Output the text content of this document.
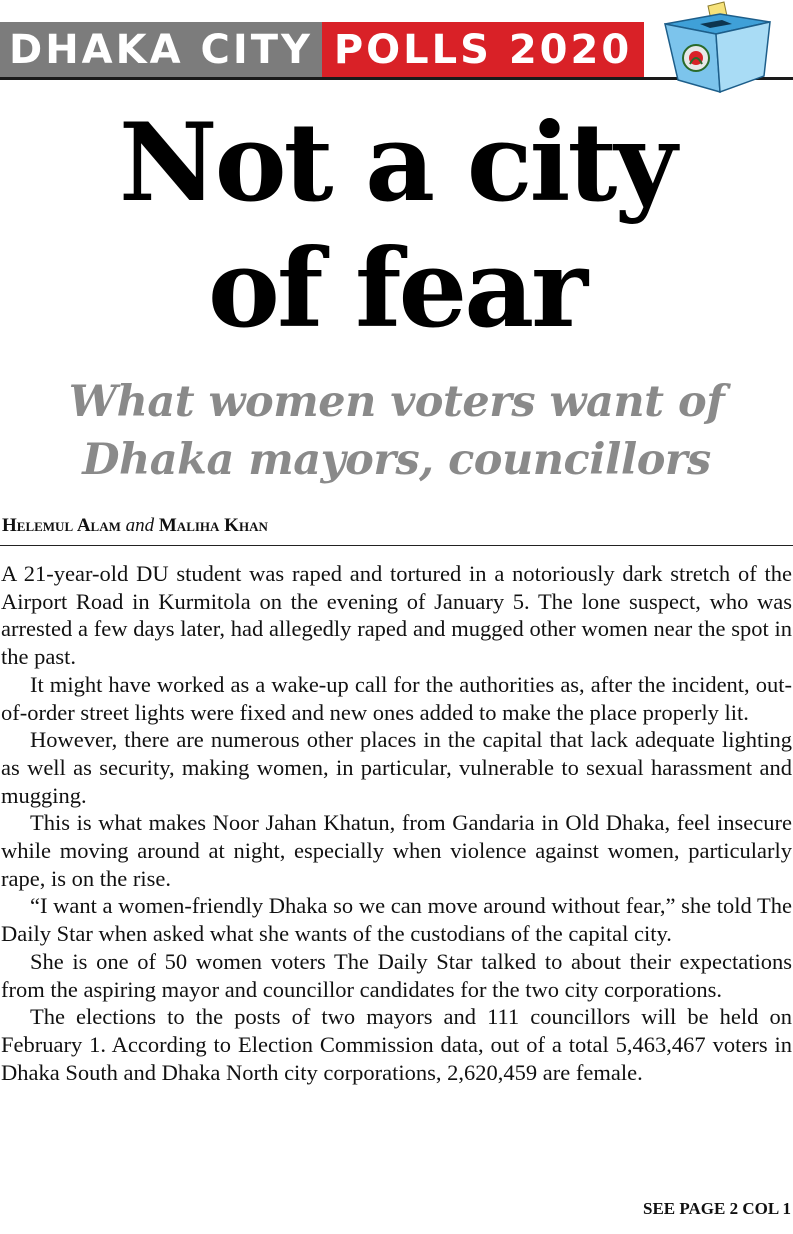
DHAKA CITY POLLS 2020
Not a city
of fear
What women voters want of
Dhaka mayors, councillors
Helemul Alam and Maliha Khan

A 21-year-old DU student was raped and tortured in a notoriously dark stretch of the Airport Road in Kurmitola on the evening of January 5. The lone suspect, who was arrested a few days later, had allegedly raped and mugged other women near the spot in the past.

It might have worked as a wake-up call for the authorities as, after the incident, out-of-order street lights were fixed and new ones added to make the place properly lit.

However, there are numerous other places in the capital that lack adequate lighting as well as security, making women, in particular, vulnerable to sexual harassment and mugging.

This is what makes Noor Jahan Khatun, from Gandaria in Old Dhaka, feel insecure while moving around at night, especially when violence against women, particularly rape, is on the rise.

“I want a women-friendly Dhaka so we can move around without fear,” she told The Daily Star when asked what she wants of the custodians of the capital city.

She is one of 50 women voters The Daily Star talked to about their expectations from the aspiring mayor and councillor candidates for the two city corporations.

The elections to the posts of two mayors and 111 councillors will be held on February 1. According to Election Commission data, out of a total 5,463,467 voters in Dhaka South and Dhaka North city corporations, 2,620,459 are female.

SEE PAGE 2 COL 1
